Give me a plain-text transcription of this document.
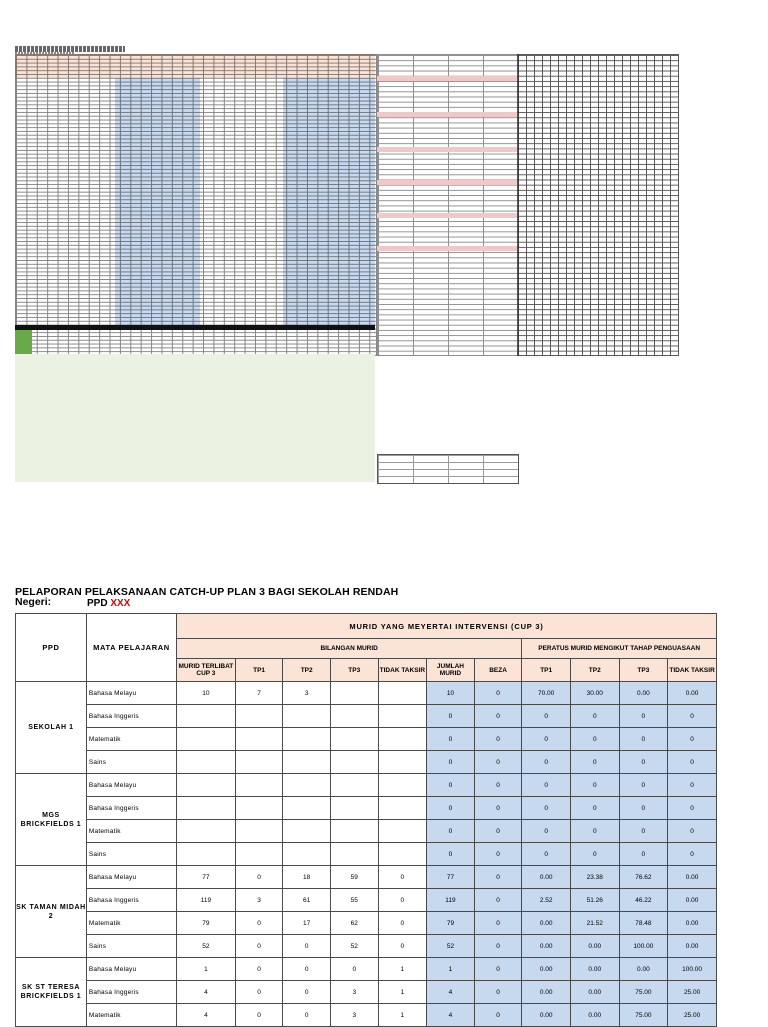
PELAPORAN PELAKSANAAN CATCH-UP PLAN 3 BAGI SEKOLAH RENDAH
Negeri:	PPD XXX
PPD	MATA PELAJARAN	MURID YANG MEYERTAI INTERVENSI (CUP 3)										
		BILANGAN MURID							PERATUS MURID MENGIKUT TAHAP PENGUASAAN			
		MURID TERLIBAT CUP 3	TP1	TP2	TP3	TIDAK TAKSIR	JUMLAH MURID	BEZA	TP1	TP2	TP3	TIDAK TAKSIR
SEKOLAH 1	Bahasa Melayu	10	7	3			10	0	70.00	30.00	0.00	0.00
	Bahasa Inggeris						0	0	0	0	0	0
	Matematik						0	0	0	0	0	0
	Sains						0	0	0	0	0	0
MGS BRICKFIELDS 1	Bahasa Melayu						0	0	0	0	0	0
	Bahasa Inggeris						0	0	0	0	0	0
	Matematik						0	0	0	0	0	0
	Sains						0	0	0	0	0	0
SK TAMAN MIDAH 2	Bahasa Melayu	77	0	18	59	0	77	0	0.00	23.38	76.62	0.00
	Bahasa Inggeris	119	3	61	55	0	119	0	2.52	51.26	46.22	0.00
	Matematik	79	0	17	62	0	79	0	0.00	21.52	78.48	0.00
	Sains	52	0	0	52	0	52	0	0.00	0.00	100.00	0.00
SK ST TERESA BRICKFIELDS 1	Bahasa Melayu	1	0	0	0	1	1	0	0.00	0.00	0.00	100.00
	Bahasa Inggeris	4	0	0	3	1	4	0	0.00	0.00	75.00	25.00
	Matematik	4	0	0	3	1	4	0	0.00	0.00	75.00	25.00
